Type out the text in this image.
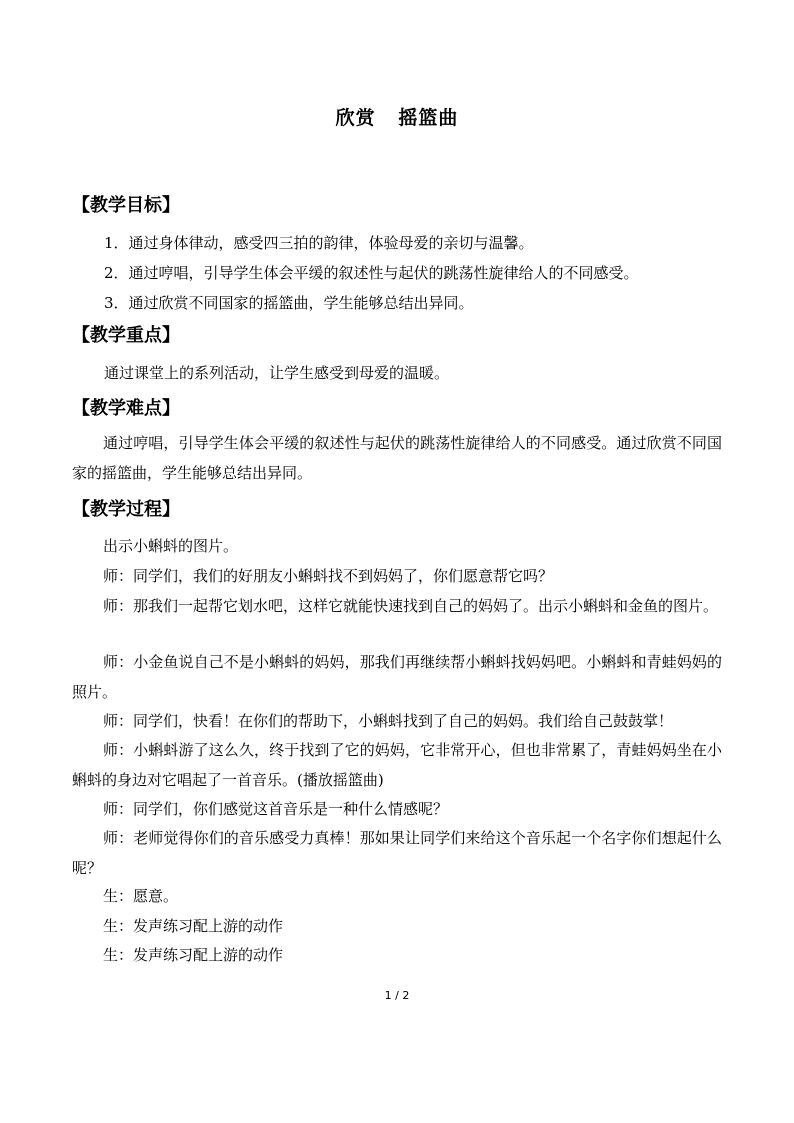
欣赏   摇篮曲
【教学目标】
1．通过身体律动，感受四三拍的韵律，体验母爱的亲切与温馨。
2．通过哼唱，引导学生体会平缓的叙述性与起伏的跳荡性旋律给人的不同感受。
3．通过欣赏不同国家的摇篮曲，学生能够总结出异同。
【教学重点】
通过课堂上的系列活动，让学生感受到母爱的温暖。
【教学难点】
通过哼唱，引导学生体会平缓的叙述性与起伏的跳荡性旋律给人的不同感受。通过欣赏不同国家的摇篮曲，学生能够总结出异同。
【教学过程】
出示小蝌蚪的图片。
师：同学们，我们的好朋友小蝌蚪找不到妈妈了，你们愿意帮它吗？
师：那我们一起帮它划水吧，这样它就能快速找到自己的妈妈了。出示小蝌蚪和金鱼的图片。
师：小金鱼说自己不是小蝌蚪的妈妈，那我们再继续帮小蝌蚪找妈妈吧。小蝌蚪和青蛙妈妈的照片。
师：同学们，快看！在你们的帮助下，小蝌蚪找到了自己的妈妈。我们给自己鼓鼓掌！
师：小蝌蚪游了这么久，终于找到了它的妈妈，它非常开心，但也非常累了，青蛙妈妈坐在小蝌蚪的身边对它唱起了一首音乐。(播放摇篮曲)
师：同学们，你们感觉这首音乐是一种什么情感呢？
师：老师觉得你们的音乐感受力真棒！那如果让同学们来给这个音乐起一个名字你们想起什么呢？
生：愿意。
生：发声练习配上游的动作
生：发声练习配上游的动作
1 / 2
